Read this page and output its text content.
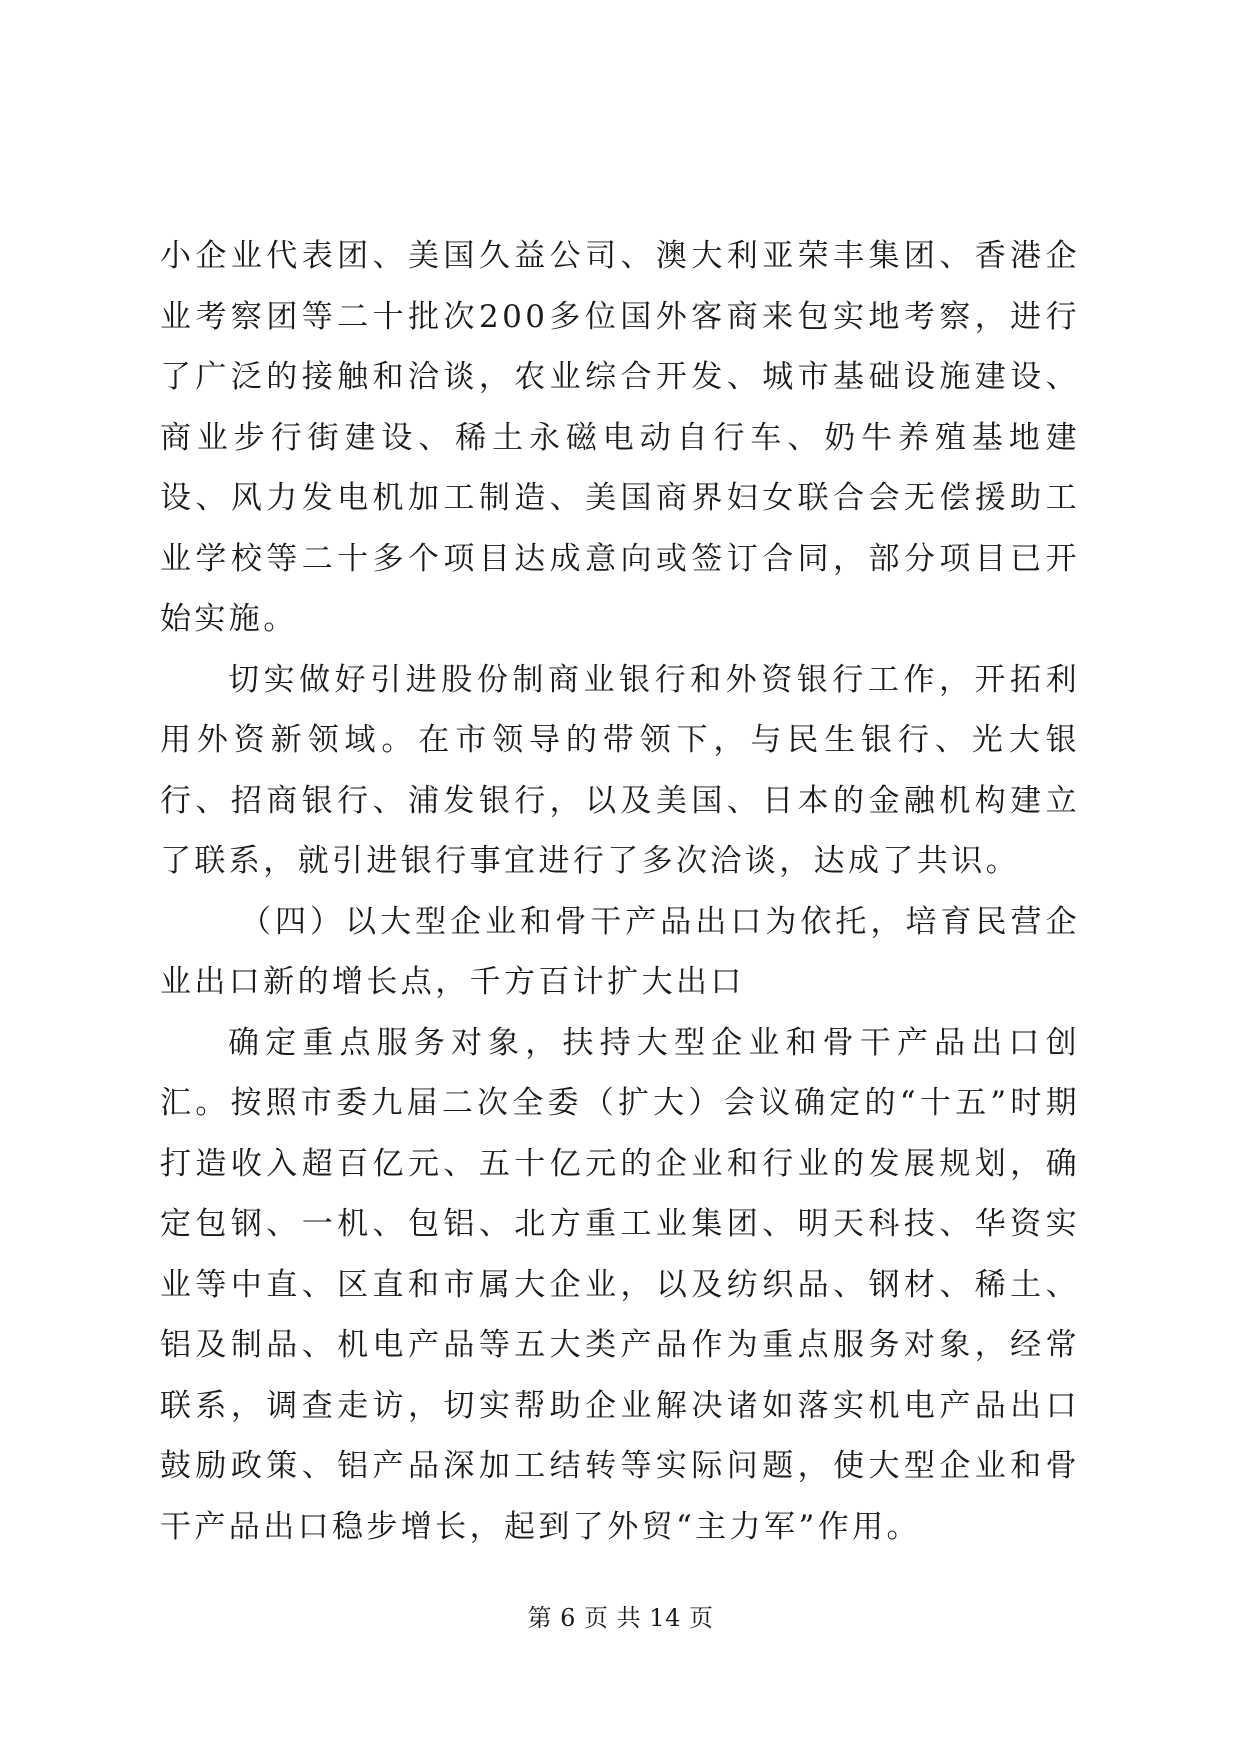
小企业代表团、美国久益公司、澳大利亚荣丰集团、香港企业考察团等二十批次200多位国外客商来包实地考察，进行了广泛的接触和洽谈，农业综合开发、城市基础设施建设、商业步行街建设、稀土永磁电动自行车、奶牛养殖基地建设、风力发电机加工制造、美国商界妇女联合会无偿援助工业学校等二十多个项目达成意向或签订合同，部分项目已开始实施。

切实做好引进股份制商业银行和外资银行工作，开拓利用外资新领域。在市领导的带领下，与民生银行、光大银行、招商银行、浦发银行，以及美国、日本的金融机构建立了联系，就引进银行事宜进行了多次洽谈，达成了共识。

（四）以大型企业和骨干产品出口为依托，培育民营企业出口新的增长点，千方百计扩大出口

确定重点服务对象，扶持大型企业和骨干产品出口创汇。按照市委九届二次全委（扩大）会议确定的“十五”时期打造收入超百亿元、五十亿元的企业和行业的发展规划，确定包钢、一机、包铝、北方重工业集团、明天科技、华资实业等中直、区直和市属大企业，以及纺织品、钢材、稀土、铝及制品、机电产品等五大类产品作为重点服务对象，经常联系，调查走访，切实帮助企业解决诸如落实机电产品出口鼓励政策、铝产品深加工结转等实际问题，使大型企业和骨干产品出口稳步增长，起到了外贸“主力军”作用。

第 6 页 共 14 页
